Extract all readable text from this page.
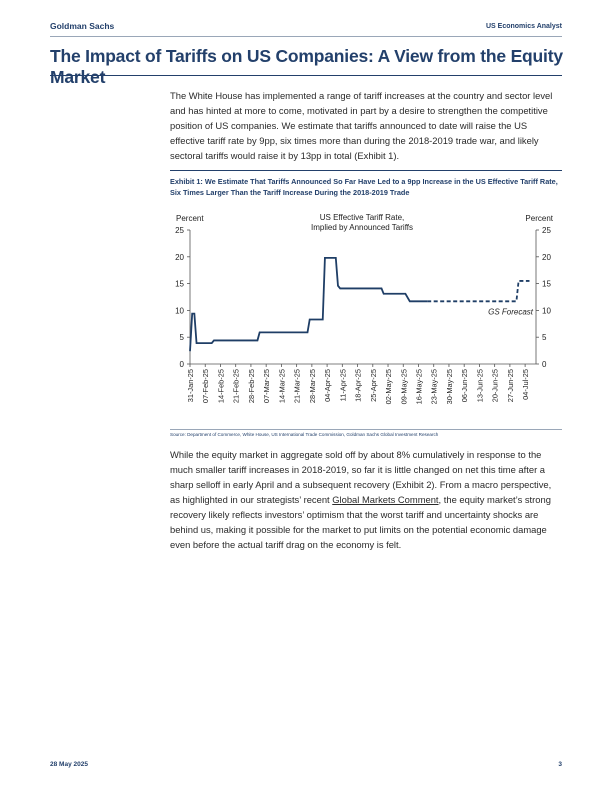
Goldman Sachs	US Economics Analyst
The Impact of Tariffs on US Companies: A View from the Equity Market

The White House has implemented a range of tariff increases at the country and sector level and has hinted at more to come, motivated in part by a desire to strengthen the competitive position of US companies. We estimate that tariffs announced to date will raise the US effective tariff rate by 9pp, six times more than during the 2018-2019 trade war, and likely sectoral tariffs would raise it by 13pp in total (Exhibit 1).

Exhibit 1: We Estimate That Tariffs Announced So Far Have Led to a 9pp Increase in the US Effective Tariff Rate, Six Times Larger Than the Tariff Increase During the 2018-2019 Trade

0	0
5	5
10	10
15	15
20	20
25	25
Percent	Percent
US Effective Tariff Rate,
Implied by Announced Tariffs
31-Jan-25 07-Feb-25 14-Feb-25 21-Feb-25 28-Feb-25 07-Mar-25 14-Mar-25 21-Mar-25 28-Mar-25 04-Apr-25 11-Apr-25 18-Apr-25 25-Apr-25 02-May-25 09-May-25 16-May-25 23-May-25 30-May-25 06-Jun-25 13-Jun-25 20-Jun-25 27-Jun-25 04-Jul-25
GS Forecast

Source: Department of Commerce, White House, US International Trade Commission, Goldman Sachs Global Investment Research

While the equity market in aggregate sold off by about 8% cumulatively in response to the much smaller tariff increases in 2018-2019, so far it is little changed on net this time after a sharp selloff in early April and a subsequent recovery (Exhibit 2). From a macro perspective, as highlighted in our strategists’ recent Global Markets Comment, the equity market’s strong recovery likely reflects investors’ optimism that the worst tariff and uncertainty shocks are behind us, making it possible for the market to put limits on the potential economic damage even before the actual tariff drag on the economy is felt.

28 May 2025	3
